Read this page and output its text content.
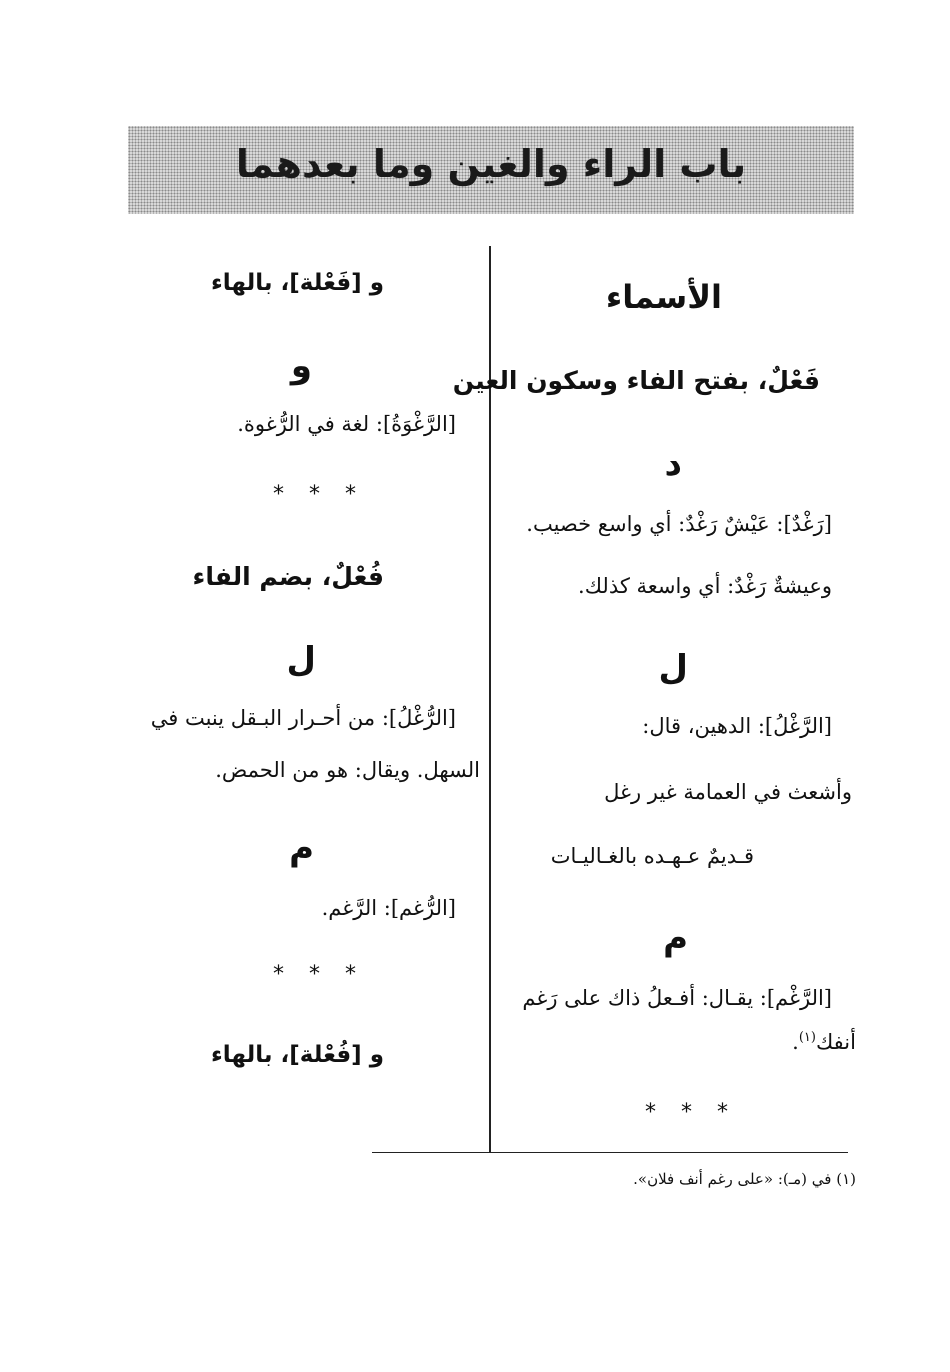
باب الراء والغين وما بعدهما
الأسماء
فَعْلٌ، بفتح الفاء وسكون العين
د
[رَغْدٌ]: عَيْشٌ رَغْدٌ: أي واسع خصيب.
وعيشةٌ رَغْدٌ: أي واسعة كذلك.
ل
[الرَّغْلُ]: الدهين، قال:
وأشعث في العمامة غير رغل
قـديمٌ عـهـده بالغـاليـات
م
[الرَّغْم]: يقـال: أفـعلُ ذاك على رَغم
أنفك$^{(١)}$.
* * *
و [فَعْلة]، بالهاء
و
[الرَّغْوَةُ]: لغة في الرُّغوة.
* * *
فُعْلٌ، بضم الفاء
ل
[الرُّغْلُ]: من أحـرار البـقل ينبت في
السهل. ويقال: هو من الحمض.
م
[الرُّغم]: الرَّغم.
* * *
و [فُعْلة]، بالهاء
(١) في (مـ): «على رغم أنف فلان».
